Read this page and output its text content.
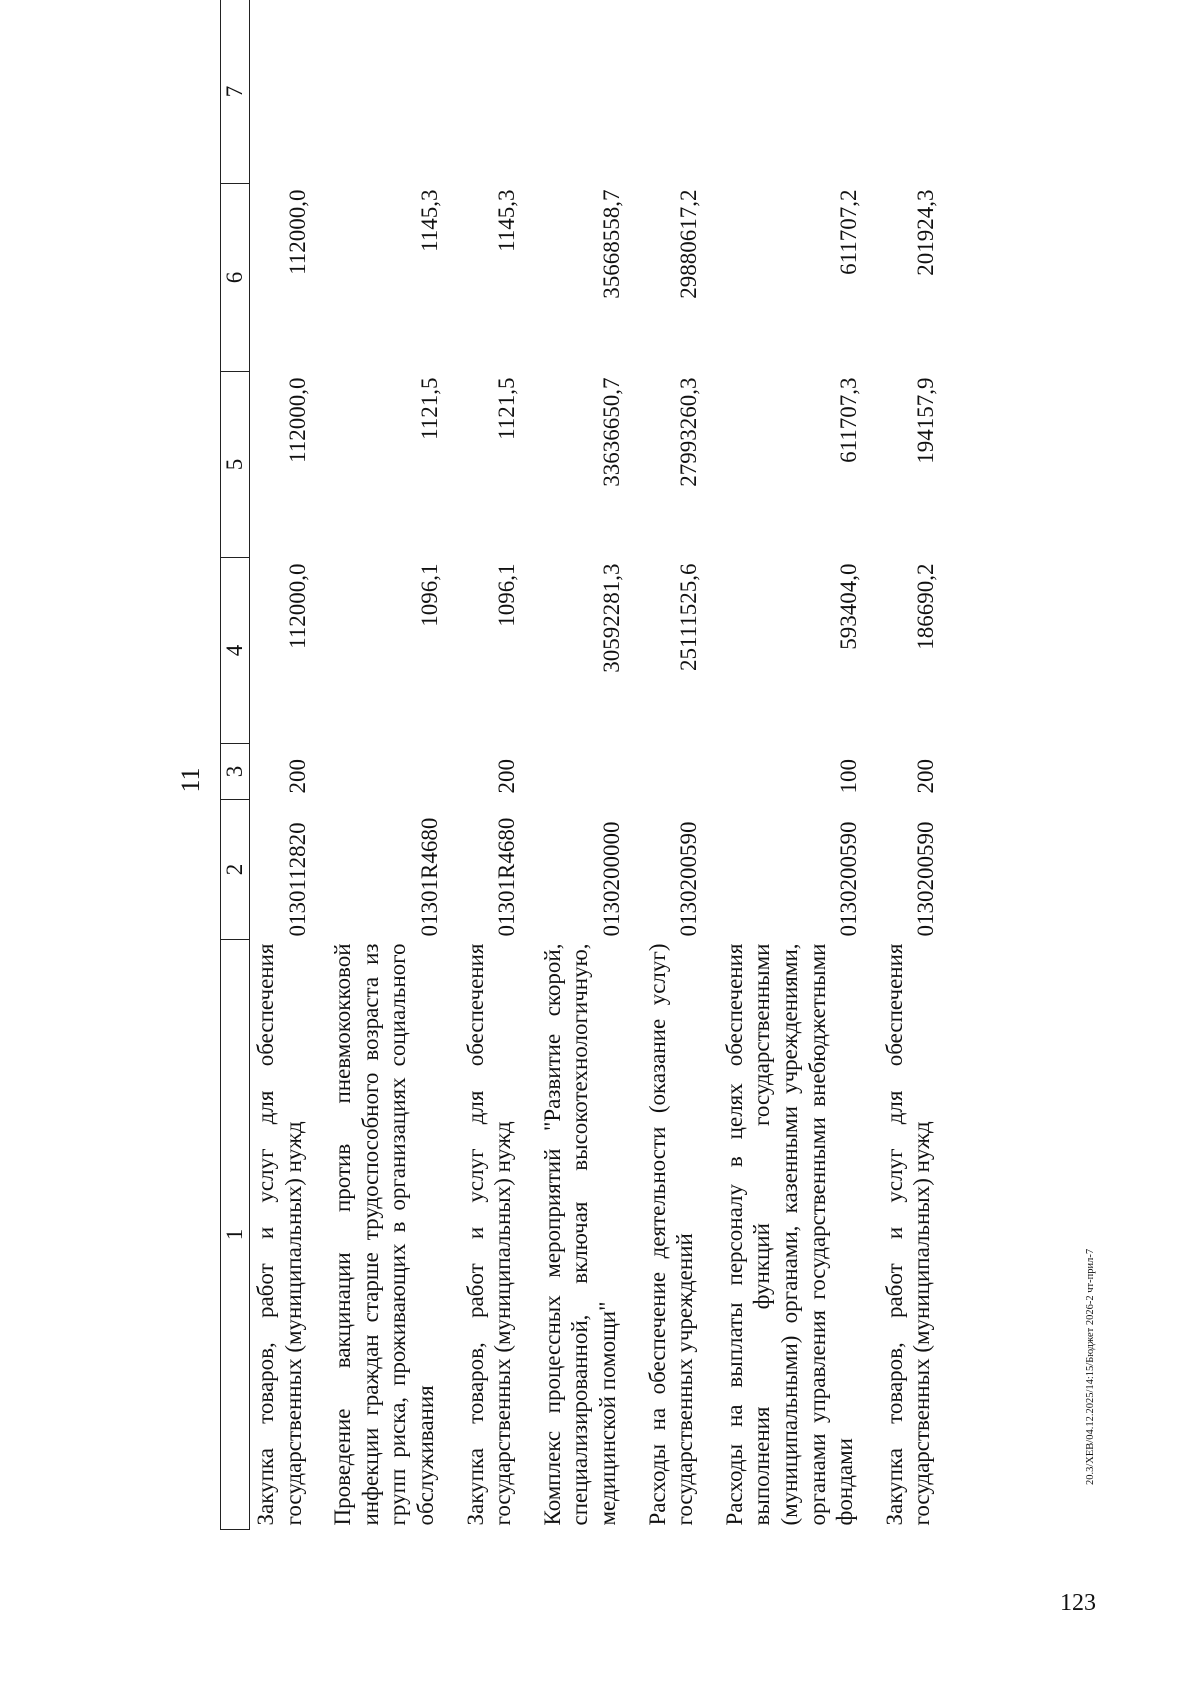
11
1	2	3	4	5	6	7
Закупка товаров, работ и услуг для обеспечения государственных (муниципальных) нужд	0130112820	200	112000,0	112000,0	112000,0	
Проведение вакцинации против пневмококковой инфекции граждан старше трудоспособного возраста из групп риска, проживающих в организациях социального обслуживания	01301R4680		1096,1	1121,5	1145,3	
Закупка товаров, работ и услуг для обеспечения государственных (муниципальных) нужд	01301R4680	200	1096,1	1121,5	1145,3	
Комплекс процессных мероприятий "Развитие скорой, специализированной, включая высокотехнологичную, медицинской помощи"	0130200000		30592281,3	33636650,7	35668558,7	
Расходы на обеспечение деятельности (оказание услуг) государственных учреждений	0130200590		25111525,6	27993260,3	29880617,2	
Расходы на выплаты персоналу в целях обеспечения выполнения функций государственными (муниципальными) органами, казенными учреждениями, органами управления государственными внебюджетными фондами	0130200590	100	593404,0	611707,3	611707,2	
Закупка товаров, работ и услуг для обеспечения государственных (муниципальных) нужд	0130200590	200	186690,2	194157,9	201924,3	
20.3/ХЕВ/04.12.2025/14:15/Бюджет 2026-2 чт-прил-7
123
